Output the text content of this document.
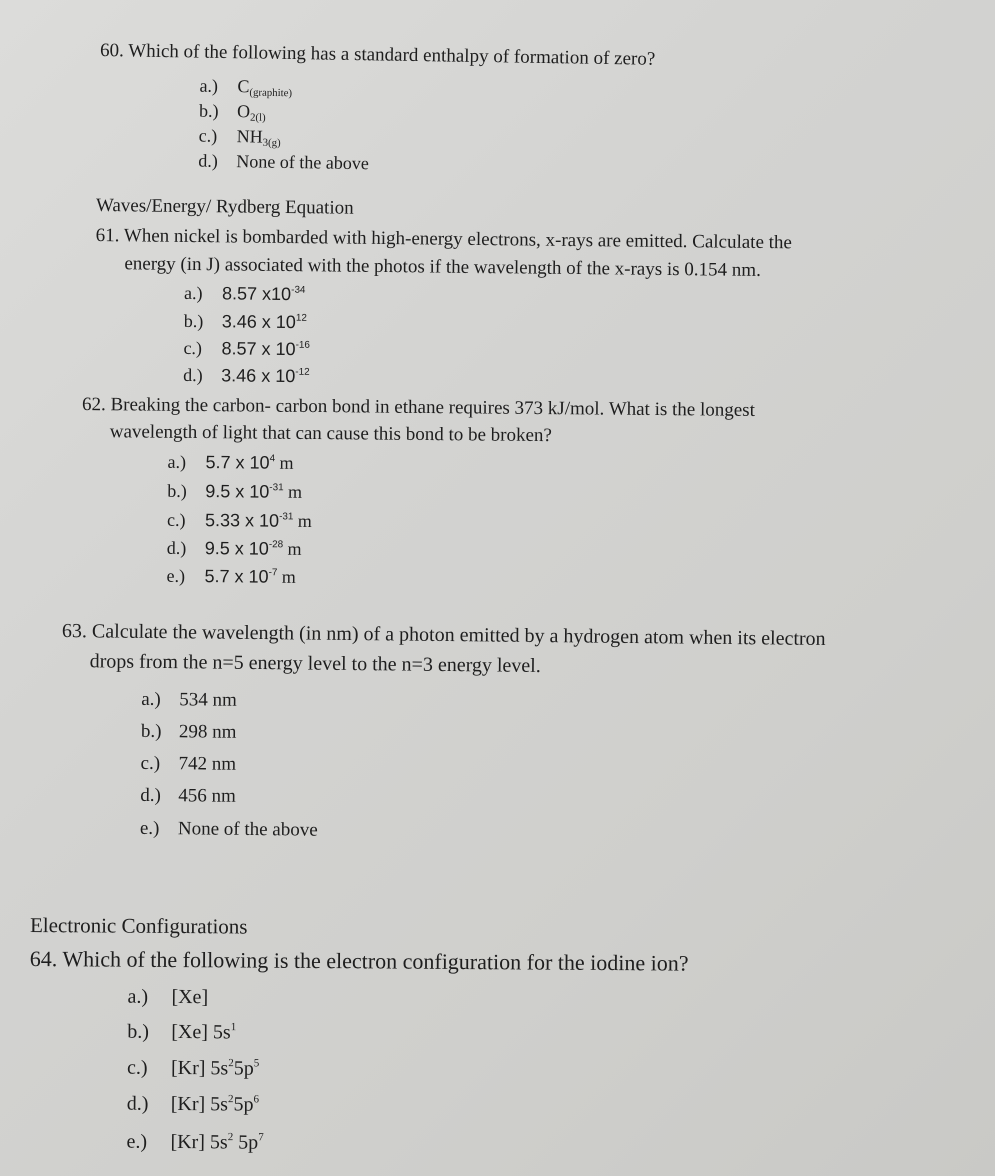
60. Which of the following has a standard enthalpy of formation of zero?
a.) $C_{(graphite)}$
b.) $O_{2(l)}$
c.) $NH_{3(g)}$
d.) None of the above
Waves/Energy/ Rydberg Equation
61. When nickel is bombarded with high-energy electrons, x-rays are emitted. Calculate the
energy (in J) associated with the photos if the wavelength of the x-rays is 0.154 nm.
a.) 8.57 $x10^{-34}$
b.) 3.46 x $10^{12}$
c.) 8.57 x $10^{-16}$
d.) 3.46 x $10^{-12}$
62. Breaking the carbon- carbon bond in ethane requires 373 kJ/mol. What is the longest
wavelength of light that can cause this bond to be broken?
a.) 5.7 x $10^4$ m
b.) 9.5 x $10^{-31}$ m
c.) 5.33 x $10^{-31}$ m
d.) 9.5 x $10^{-28}$ m
e.) 5.7 x $10^{-7}$ m
63. Calculate the wavelength (in nm) of a photon emitted by a hydrogen atom when its electron
drops from the n=5 energy level to the n=3 energy level.
a.) 534 nm
b.) 298 nm
c.) 742 nm
d.) 456 nm
e.) None of the above
Electronic Configurations
64. Which of the following is the electron configuration for the iodine ion?
a.) [Xe]
b.) [Xe] $5s^1$
c.) [Kr] $5s^25p^5$
d.) [Kr] $5s^25p^6$
e.) [Kr] $5s^2$ $5p^7$
